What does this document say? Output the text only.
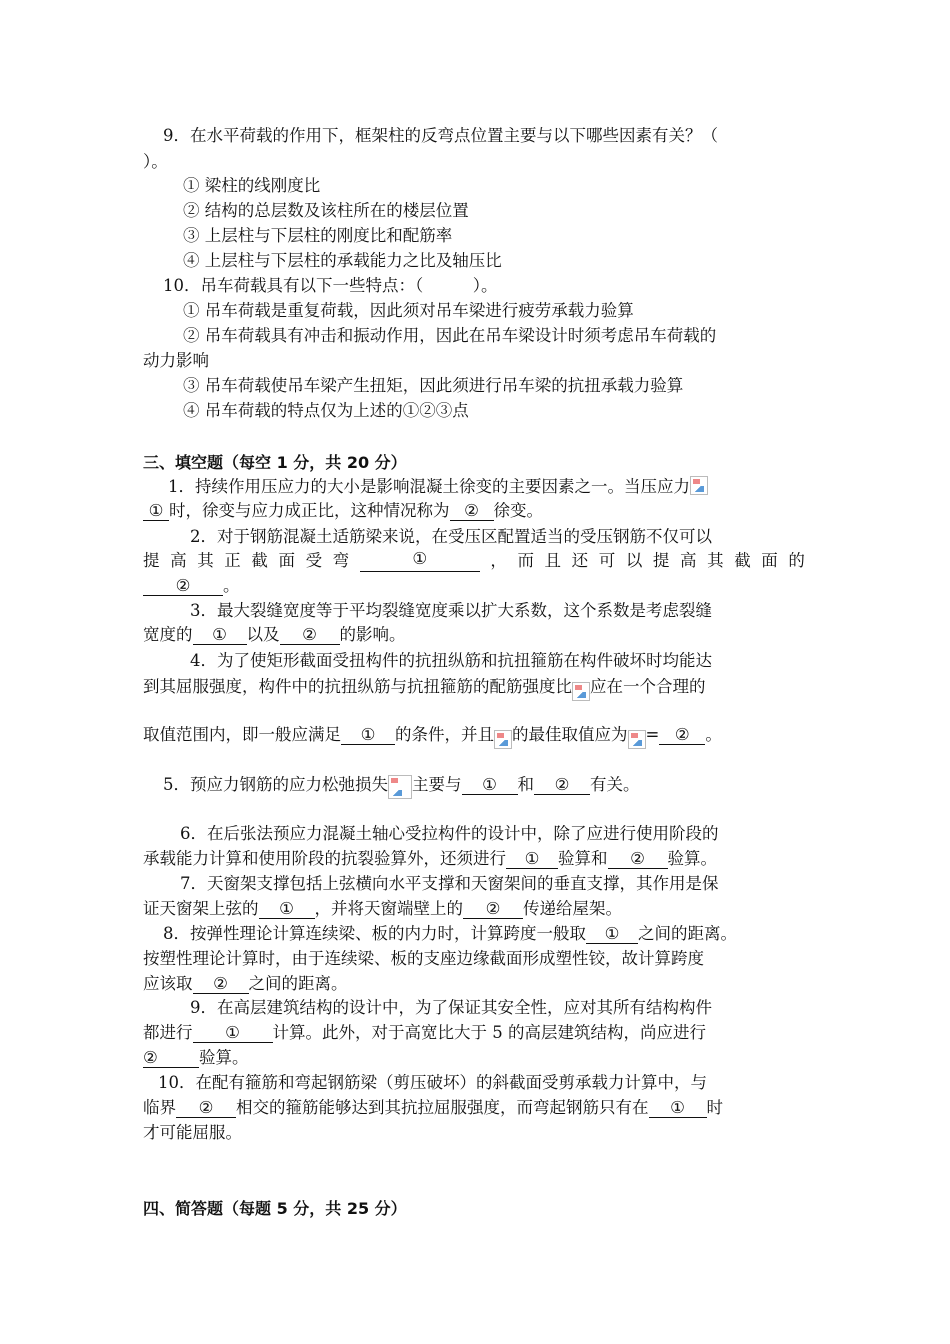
9．在水平荷载的作用下，框架柱的反弯点位置主要与以下哪些因素有关？（
）。
① 梁柱的线刚度比
② 结构的总层数及该柱所在的楼层位置
③ 上层柱与下层柱的刚度比和配筋率
④ 上层柱与下层柱的承载能力之比及轴压比
10．吊车荷载具有以下一些特点：（　　　）。
① 吊车荷载是重复荷载，因此须对吊车梁进行疲劳承载力验算
② 吊车荷载具有冲击和振动作用，因此在吊车梁设计时须考虑吊车荷载的
动力影响
③ 吊车荷载使吊车梁产生扭矩，因此须进行吊车梁的抗扭承载力验算
④ 吊车荷载的特点仅为上述的①②③点
三、填空题（每空 1 分，共 20 分）
1．持续作用压应力的大小是影响混凝土徐变的主要因素之一。当压应力
① 时，徐变与应力成正比，这种情况称为 ② 徐变。
2．对于钢筋混凝土适筋梁来说，在受压区配置适当的受压钢筋不仅可以
提 高 其 正 截 面 受 弯	①	， 而 且 还 可 以 提 高 其 截 面 的
② 。
3．最大裂缝宽度等于平均裂缝宽度乘以扩大系数，这个系数是考虑裂缝
宽度的 ① 以及 ② 的影响。
4．为了使矩形截面受扭构件的抗扭纵筋和抗扭箍筋在构件破坏时均能达
到其屈服强度，构件中的抗扭纵筋与抗扭箍筋的配筋强度比 应在一个合理的
取值范围内，即一般应满足 ① 的条件，并且 的最佳取值应为 = ② 。
5．预应力钢筋的应力松弛损失 主要与 ① 和 ② 有关。
6．在后张法预应力混凝土轴心受拉构件的设计中，除了应进行使用阶段的
承载能力计算和使用阶段的抗裂验算外，还须进行 ① 验算和 ② 验算。
7．天窗架支撑包括上弦横向水平支撑和天窗架间的垂直支撑，其作用是保
证天窗架上弦的 ① ，并将天窗端壁上的 ② 传递给屋架。
8．按弹性理论计算连续梁、板的内力时，计算跨度一般取 ① 之间的距离。
按塑性理论计算时，由于连续梁、板的支座边缘截面形成塑性铰，故计算跨度
应该取 ② 之间的距离。
9．在高层建筑结构的设计中，为了保证其安全性，应对其所有结构构件
都进行 ① 计算。此外，对于高宽比大于 5 的高层建筑结构，尚应进行
② 验算。
10．在配有箍筋和弯起钢筋梁（剪压破坏）的斜截面受剪承载力计算中，与
临界 ② 相交的箍筋能够达到其抗拉屈服强度，而弯起钢筋只有在 ① 时
才可能屈服。
四、简答题（每题 5 分，共 25 分）
